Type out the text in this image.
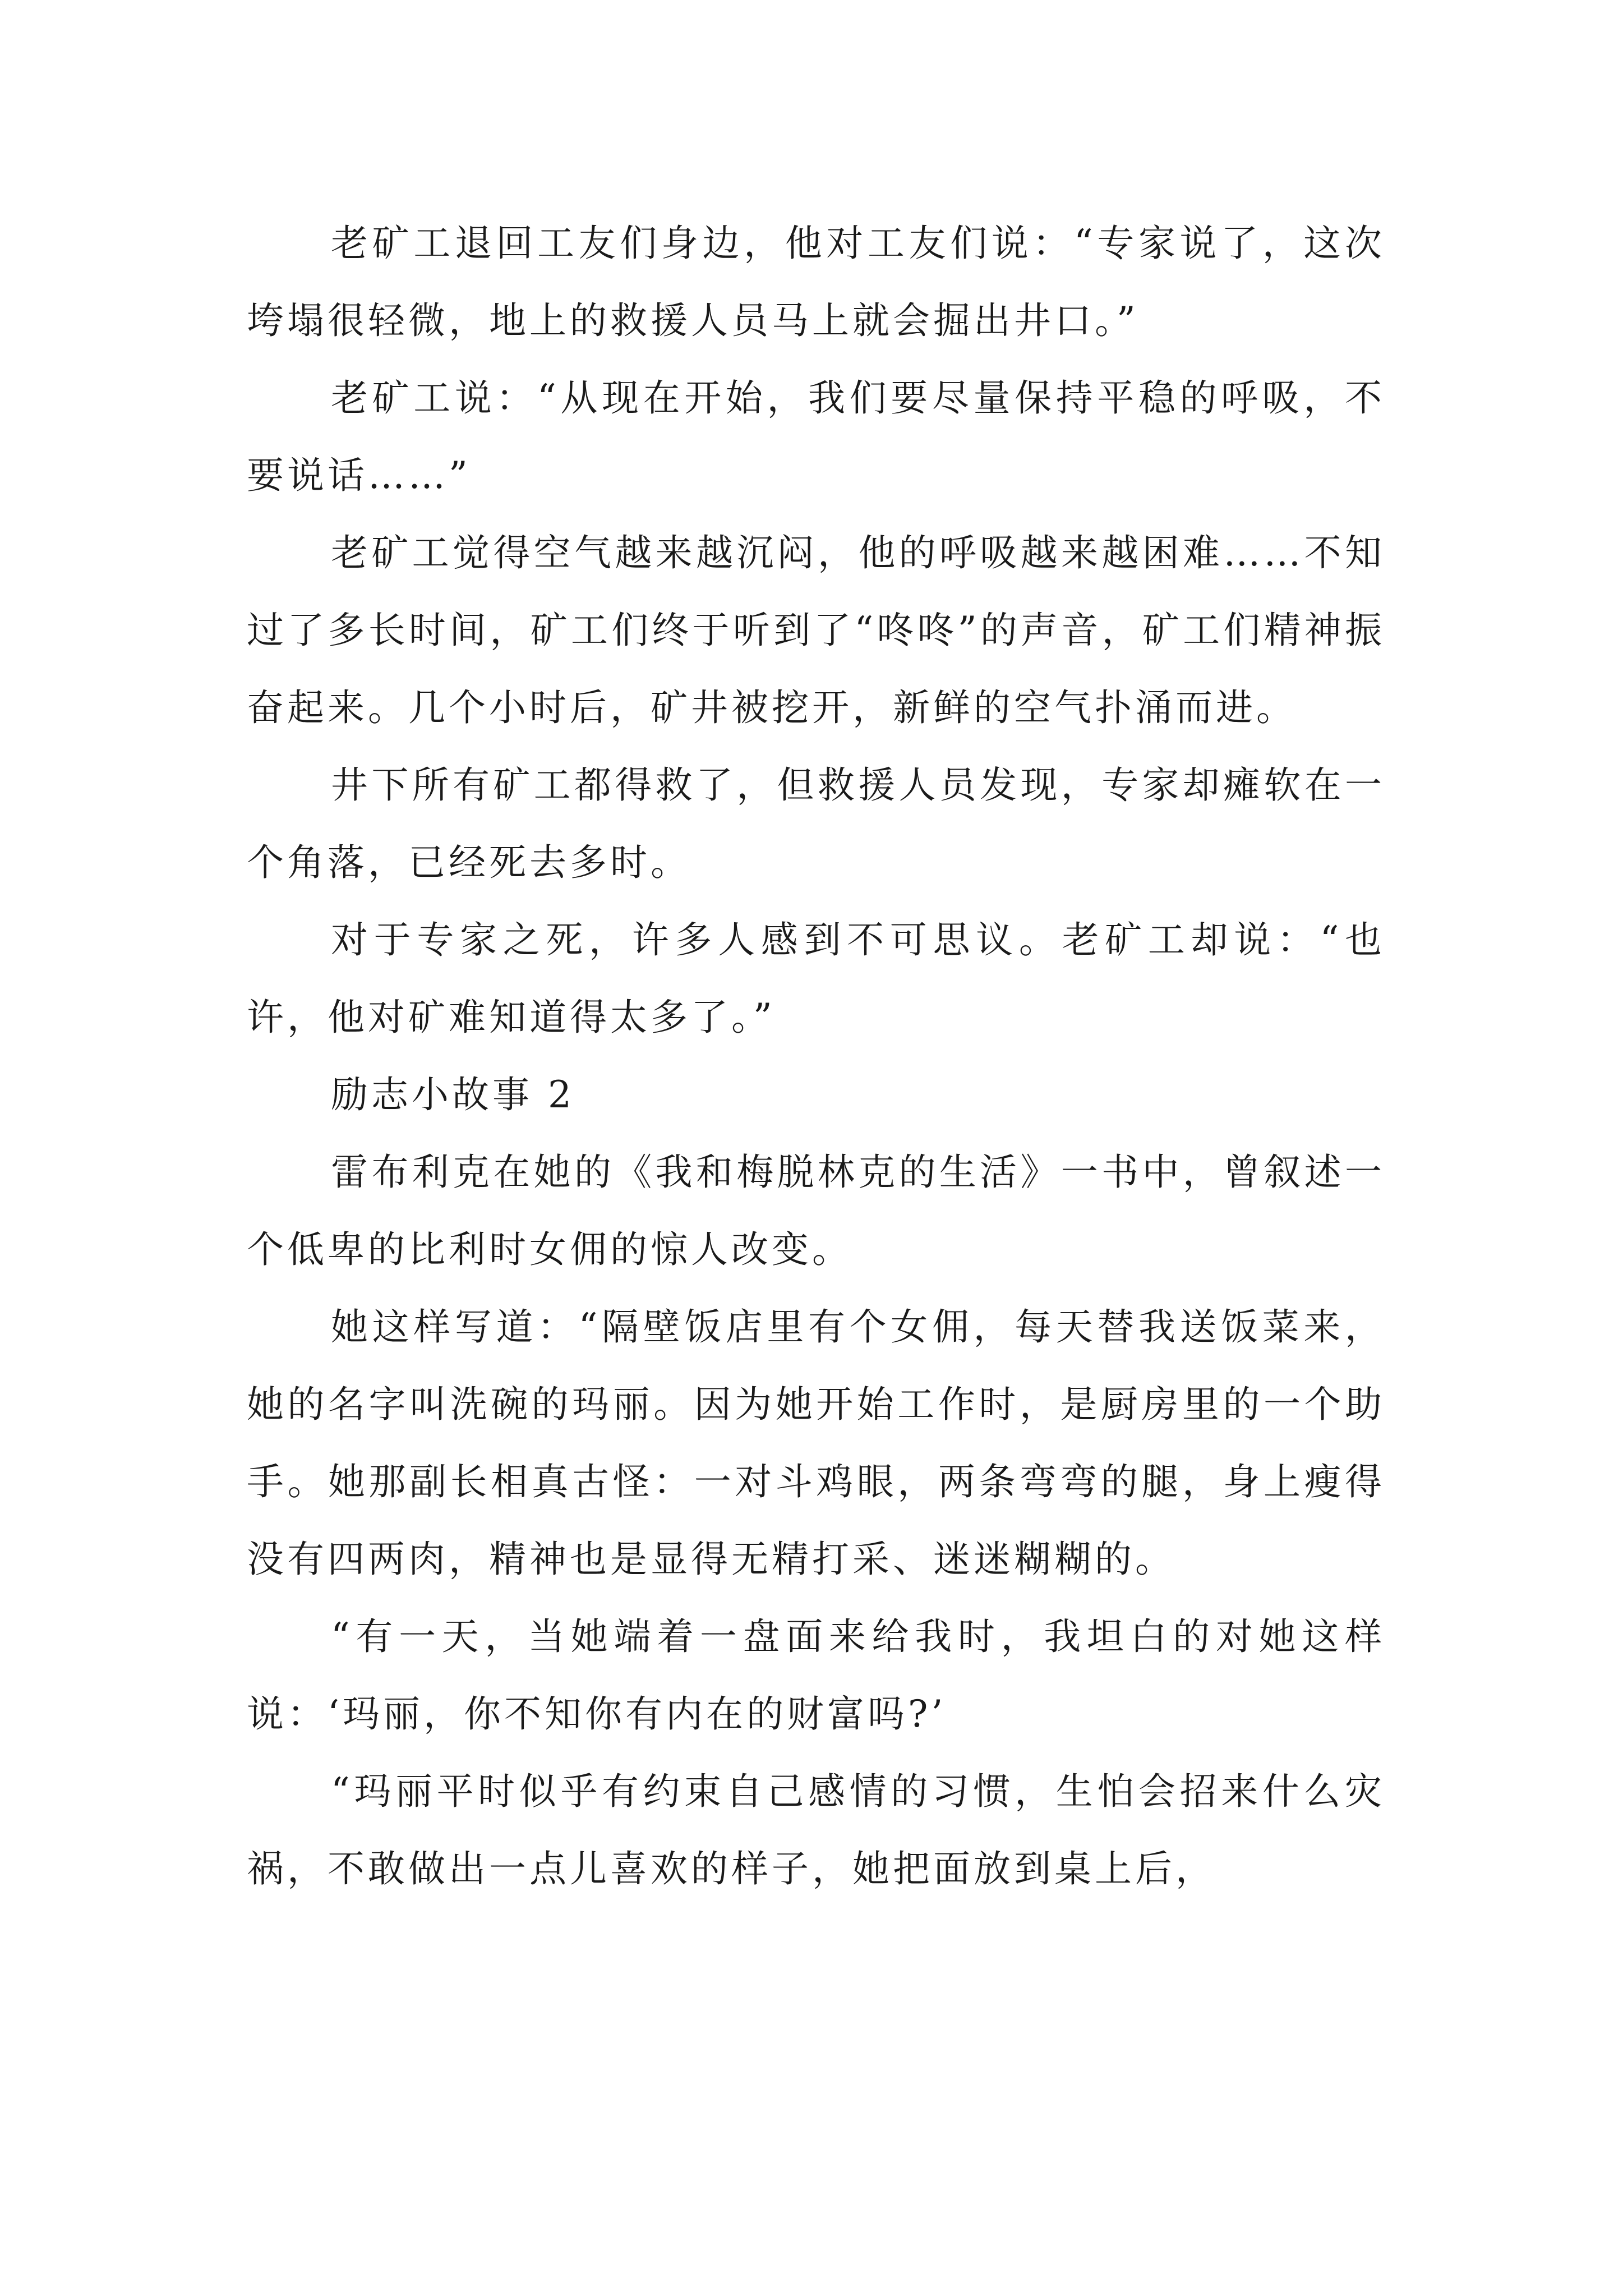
老矿工退回工友们身边，他对工友们说：“专家说了，这次垮塌很轻微，地上的救援人员马上就会掘出井口。”

老矿工说：“从现在开始，我们要尽量保持平稳的呼吸，不要说话……”

老矿工觉得空气越来越沉闷，他的呼吸越来越困难……不知过了多长时间，矿工们终于听到了“咚咚”的声音，矿工们精神振奋起来。几个小时后，矿井被挖开，新鲜的空气扑涌而进。

井下所有矿工都得救了，但救援人员发现，专家却瘫软在一个角落，已经死去多时。

对于专家之死，许多人感到不可思议。老矿工却说：“也许，他对矿难知道得太多了。”

励志小故事 2

雷布利克在她的《我和梅脱林克的生活》一书中，曾叙述一个低卑的比利时女佣的惊人改变。

她这样写道：“隔壁饭店里有个女佣，每天替我送饭菜来，她的名字叫洗碗的玛丽。因为她开始工作时，是厨房里的一个助手。她那副长相真古怪：一对斗鸡眼，两条弯弯的腿，身上瘦得没有四两肉，精神也是显得无精打采、迷迷糊糊的。

“有一天，当她端着一盘面来给我时，我坦白的对她这样说：‘玛丽，你不知你有内在的财富吗?’

“玛丽平时似乎有约束自己感情的习惯，生怕会招来什么灾祸，不敢做出一点儿喜欢的样子，她把面放到桌上后，
